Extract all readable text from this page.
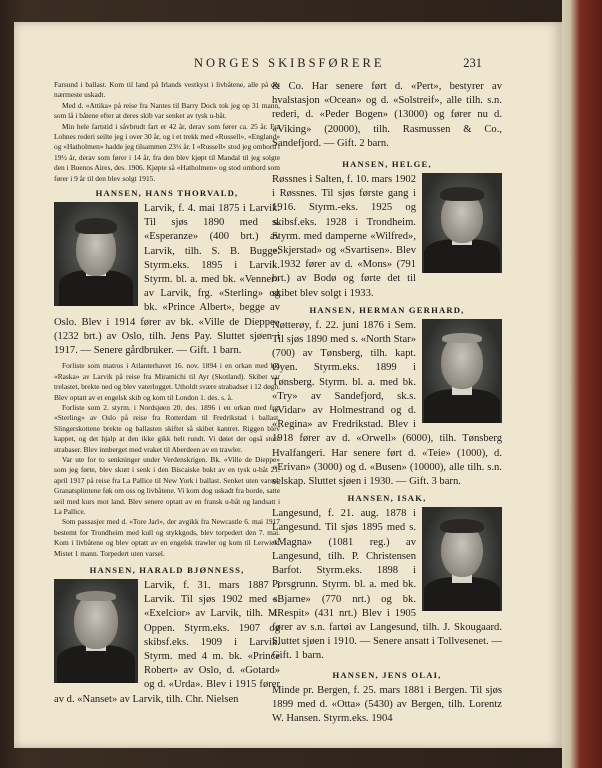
NORGES SKIBSFØRERE	231

Farsund i ballast. Kom til land på Irlands vestkyst i livbåtene, alle på det nærmeste uskadt.

Med d. «Attika» på reise fra Nantes til Barry Dock tok jeg op 31 mann, som lå i båtene efter at deres skib var senket av tysk u-båt.

Min hele fartstid i såvbrudt fart er 42 år, derav som fører ca. 25 år. Fra Lohnes rederi seilte jeg i over 30 år, og i et trekk med «Russell», «England» og «Hatholmen» hadde jeg tilsammen 23½ år. I «Russell» stod jeg ombord i 19½ år, derav som fører i 14 år, fra den blev kjøpt til Mandal til jeg solgte den i Buenos Aires, des. 1906. Kjøpte så «Hatholmen» og stod ombord som fører i 9 år til den blev solgt 1915.

HANSEN, HANS THORVALD,

Larvik, f. 4. mai 1875 i Larvik. Til sjøs 1890 med s. «Esperanze» (400 brt.) av Larvik, tilh. S. B. Bugge. Styrm.eks. 1895 i Larvik. Styrm. bl. a. med bk. «Venner» av Larvik, frg. «Sterling» og bk. «Prince Albert», begge av Oslo. Blev i 1914 fører av bk. «Ville de Dieppe» (1232 brt.) av Oslo, tilh. Jens Pay. Sluttet sjøen i 1917. — Senere gårdbruker. — Gift. 1 barn.

Forliste som matros i Atlanterhavet 16. nov. 1894 i en orkan med bk. «Raska» av Larvik på reise fra Miramichi til Ayr (Skotland). Skibet var trelastet, brekte ned og blev vaterlogget. Utholdt svære strabadser i 12 døgn. Blev optatt av et engelsk skib og kom til London 1. des. s. å.

Forliste som 2. styrm. i Nordsjøen 20. des. 1896 i en orkan med frg. «Sterling» av Oslo på reise fra Rotterdam til Fredrikstad i ballast. Slingerskottene brekte og ballasten skiftet så skibet kantret. Riggen blev kappet, og det hjalp at den ikke gikk helt rundt. Vi døiet der også store strabaser. Blev innberget med vraket til Aberdeen av en trawler.

Var ute for to senkninger under Verdenskrigen. Bk. «Ville de Dieppe» som jeg førte, blev skutt i senk i den Biscaiske bukt av en tysk u-båt 21. april 1917 på reise fra La Pallice til New York i ballast. Senket uten varsel. Granatsplintene føk om oss og livbåtene. Vi kom dog uskadt fra borde, satte seil med kurs mot land. Blev senere optatt av en fransk u-båt og landsatt i La Pallice.

Som passasjer med d. «Tore Jarl», der avgikk fra Newcastle 6. mai 1917 bestemt for Trondheim med kull og stykkgods, blev torpedert den 7. mai. Kom i livbåtene og blev optatt av en engelsk trawler og kom til Lerwick. Mistet 1 mann. Torpedert uten varsel.

HANSEN, HARALD BJØNNESS,

Larvik, f. 31. mars 1887 i Larvik. Til sjøs 1902 med s. «Exelcior» av Larvik, tilh. M. Oppen. Styrm.eks. 1907 og skibsf.eks. 1909 i Larvik. Styrm. med 4 m. bk. «Prince Robert» av Oslo, d. «Gotard» og d. «Urda». Blev i 1915 fører av d. «Nanset» av Larvik, tilh. Chr. Nielsen

& Co. Har senere ført d. «Pert», bestyrer av hvalstasjon «Ocean» og d. «Solstreif», alle tilh. s.n. rederi, d. «Peder Bogen» (13000) og fører nu d. «Viking» (20000), tilh. Rasmussen & Co., Sandefjord. — Gift. 2 barn.

HANSEN, HELGE,

Røssnes i Salten, f. 10. mars 1902 i Røssnes. Til sjøs første gang i 1916. Styrm.-eks. 1925 og skibsf.eks. 1928 i Trondheim. Styrm. med damperne «Wilfred», «Skjerstad» og «Svartisen». Blev i 1932 fører av d. «Mons» (791 brt.) av Bodø og førte det til skibet blev solgt i 1933.

HANSEN, HERMAN GERHARD,

Nøtterøy, f. 22. juni 1876 i Sem. Til sjøs 1890 med s. «North Star» (700) av Tønsberg, tilh. kapt. Øyen. Styrm.eks. 1899 i Tønsberg. Styrm. bl. a. med bk. «Try» av Sandefjord, sk.s. «Vidar» av Holmestrand og d. «Regina» av Fredrikstad. Blev i 1918 fører av d. «Orwell» (6000), tilh. Tønsberg Hvalfangeri. Har senere ført d. «Teie» (1000), d. «Erivan» (3000) og d. «Busen» (10000), alle tilh. s.n. selskap. Sluttet sjøen i 1930. — Gift. 3 barn.

HANSEN, ISAK,

Langesund, f. 21. aug. 1878 i Langesund. Til sjøs 1895 med s. «Magna» (1081 reg.) av Langesund, tilh. P. Christensen Barfot. Styrm.eks. 1898 i Porsgrunn. Styrm. bl. a. med bk. «Bjarne» (770 nrt.) og bk. «Respit» (431 nrt.) Blev i 1905 fører av s.n. fartøi av Langesund, tilh. J. Skougaard. Sluttet sjøen i 1910. — Senere ansatt i Tollvesenet. — Gift. 1 barn.

HANSEN, JENS OLAI,

Minde pr. Bergen, f. 25. mars 1881 i Bergen. Til sjøs 1899 med d. «Otta» (5430) av Bergen, tilh. Lorentz W. Hansen. Styrm.eks. 1904
